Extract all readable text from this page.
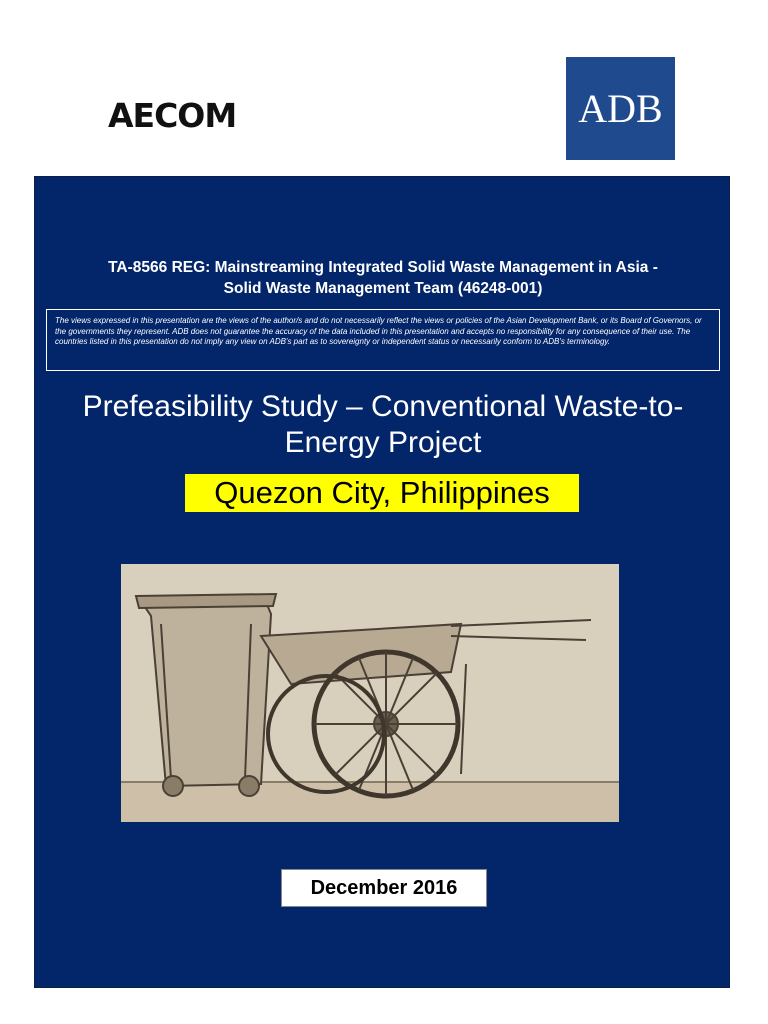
AECOM	ADB
TA-8566 REG: Mainstreaming Integrated Solid Waste Management in Asia -
Solid Waste Management Team (46248-001)
The views expressed in this presentation are the views of the author/s and do not necessarily reflect the views or policies of the Asian Development Bank, or its Board of Governors, or the governments they represent. ADB does not guarantee the accuracy of the data included in this presentation and accepts no responsibility for any consequence of their use. The countries listed in this presentation do not imply any view on ADB's part as to sovereignty or independent status or necessarily conform to ADB's terminology.
Prefeasibility Study – Conventional Waste-to-
Energy Project
Quezon City, Philippines
December 2016
